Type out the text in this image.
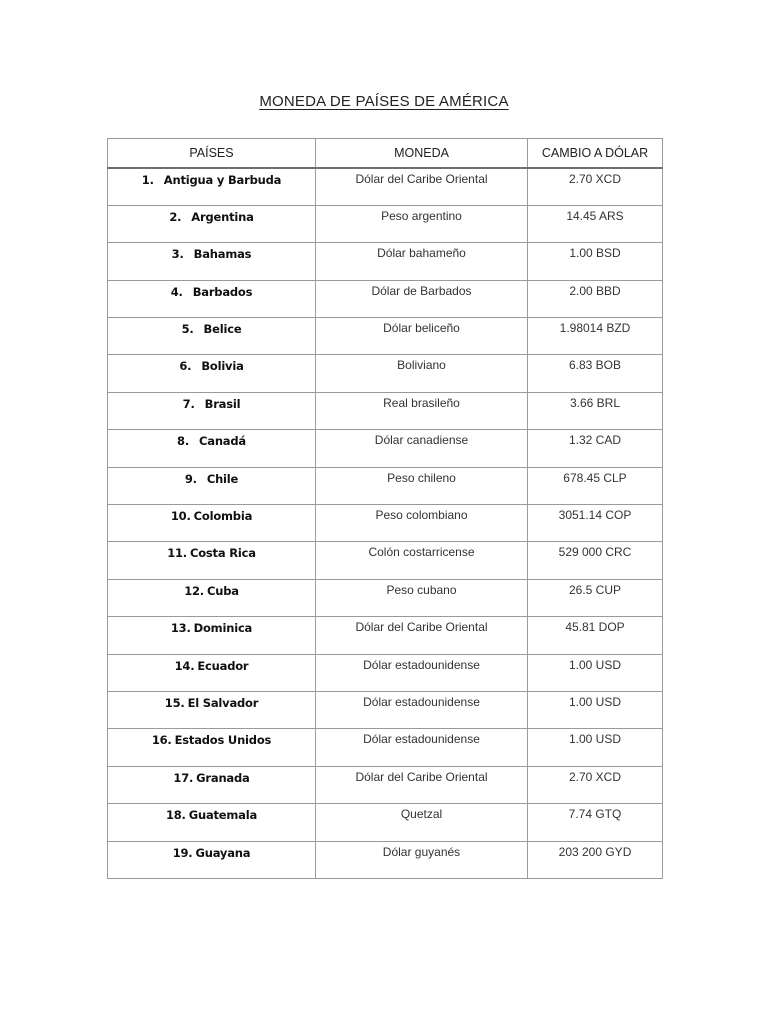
MONEDA DE PAÍSES DE AMÉRICA
PAÍSES	MONEDA	CAMBIO A DÓLAR
1. Antigua y Barbuda	Dólar del Caribe Oriental	2.70 XCD
2. Argentina	Peso argentino	14.45 ARS
3. Bahamas	Dólar bahameño	1.00 BSD
4. Barbados	Dólar de Barbados	2.00 BBD
5. Belice	Dólar beliceño	1.98014 BZD
6. Bolivia	Boliviano	6.83 BOB
7. Brasil	Real brasileño	3.66 BRL
8. Canadá	Dólar canadiense	1.32 CAD
9. Chile	Peso chileno	678.45 CLP
10. Colombia	Peso colombiano	3051.14 COP
11. Costa Rica	Colón costarricense	529 000 CRC
12. Cuba	Peso cubano	26.5 CUP
13. Dominica	Dólar del Caribe Oriental	45.81 DOP
14. Ecuador	Dólar estadounidense	1.00 USD
15. El Salvador	Dólar estadounidense	1.00 USD
16. Estados Unidos	Dólar estadounidense	1.00 USD
17. Granada	Dólar del Caribe Oriental	2.70 XCD
18. Guatemala	Quetzal	7.74 GTQ
19. Guayana	Dólar guyanés	203 200 GYD
